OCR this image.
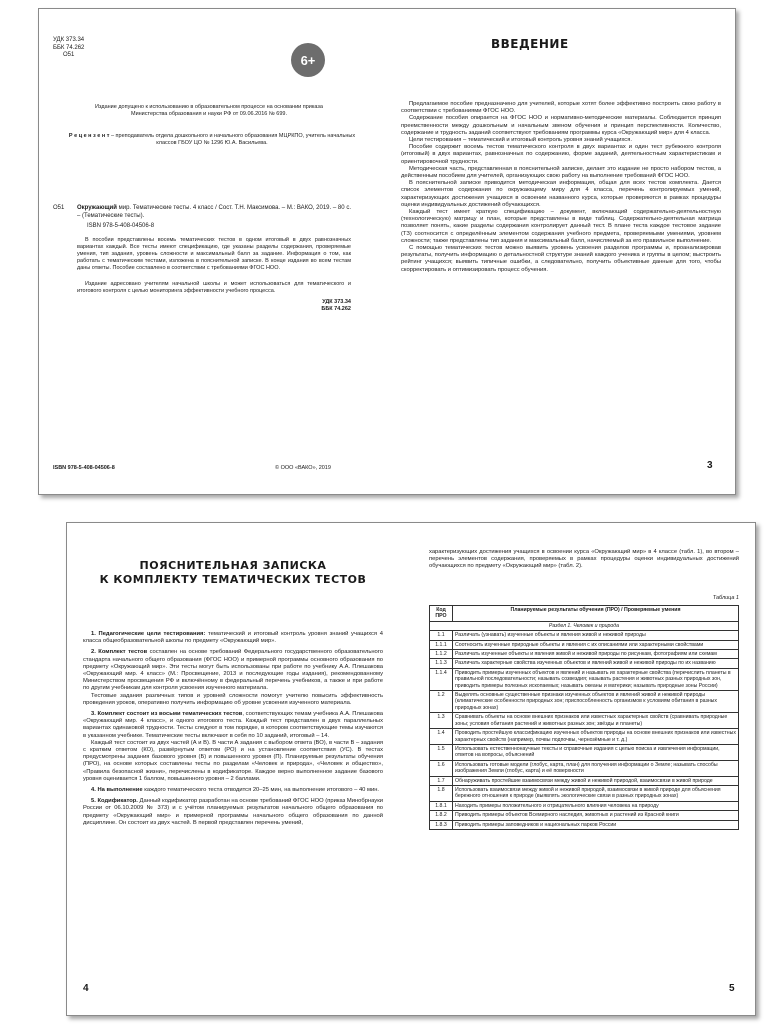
УДК 373.34
ББК 74.262
O51	6+
Издание допущено к использованию в образовательном процессе на основании приказа Министерства образования и науки РФ от 09.06.2016 № 699.
Р е ц е н з е н т – преподаватель отдела дошкольного и начального образования МЦРКПО, учитель начальных классов ГБОУ ЦО № 1296 Ю.А. Васильева.
O51	Окружающий мир. Тематические тесты. 4 класс / Сост. Т.Н. Максимова. – М.: ВАКО, 2019. – 80 с. – (Тематические тесты).
ISBN 978-5-408-04506-8
В пособии представлены восемь тематических тестов в одном итоговый в двух равнозначных вариантах каждый. Все тесты имеют спецификацию, где указаны разделы содержания, проверяемые умения, тип задания, уровень сложности и максимальный балл за задание. Информация о том, как работать с тематическим тестами, изложена в пояснительной записке. В конце издания во всем тестам даны ответы. Пособие составлено в соответствии с требованиями ФГОС НОО.
Издание адресовано учителям начальной школы и может использоваться для тематического и итогового контроля с целью мониторинга эффективности учебного процесса.
УДК 373.34
ББК 74.262
ISBN 978-5-408-04506-8	© ООО «ВАКО», 2019
ВВЕДЕНИЕ

Предлагаемое пособие предназначено для учителей, которые хотят более эффективно построить свою работу в соответствии с требованиями ФГОС НОО.

Содержание пособия опирается на ФГОС НОО и нормативно-методические материалы. Соблюдается принцип преемственности между дошкольным и начальным звеном обучения и принцип перспективности. Количество, содержание и трудность заданий соответствуют требованиям программы курса «Окружающий мир» для 4 класса.

Цели тестирования – тематический и итоговый контроль уровня знаний учащихся.

Пособие содержит восемь тестов тематического контроля в двух вариантах и один тест рубежного контроля (итоговый) в двух вариантах, равнозначных по содержанию, форме заданий, деятельностным характеристикам и ориентировочной трудности.

Методическая часть, представленная в пояснительной записке, делает это издание не просто набором тестов, а действенным пособием для учителей, организующих свою работу на выполнение требований ФГОС НОО.

В пояснительной записке приводится методическая информация, общая для всех тестов комплекта. Дается список элементов содержания по окружающему миру для 4 класса, перечень контролируемых умений, характеризующих достижения учащихся в освоении названного курса, которые проверяются в рамках процедуры оценки индивидуальных достижений обучающихся.

Каждый тест имеет краткую спецификацию – документ, включающий содержательно-деятельностную (технологическую) матрицу и план, которые представлены в виде таблиц. Содержательно-деятельная матрица позволяет понять, какие разделы содержания контролирует данный тест. В плане теста каждое тестовое задание (ТЗ) соотносится с определённым элементом содержания учебного предмета, проверяемыми умениями, уровнем сложности; также представлены тип задания и максимальный балл, начисляемый за его правильное выполнение.

С помощью тематических тестов можно выявить уровень усвоения разделов программы и, проанализировав результаты, получить информацию о детальностной структуре знаний каждого ученика и группы в целом; выстроить рейтинг учащихся; выявить типичные ошибки, а следовательно, получить объективные данные для того, чтобы скорректировать и оптимизировать процесс обучения.

3
ПОЯСНИТЕЛЬНАЯ ЗАПИСКА
К КОМПЛЕКТУ ТЕМАТИЧЕСКИХ ТЕСТОВ

1. Педагогические цели тестирования: тематический и итоговый контроль уровня знаний учащихся 4 класса общеобразовательной школы по предмету «Окружающий мир».

2. Комплект тестов составлен на основе требований Федерального государственного образовательного стандарта начального общего образования (ФГОС НОО) и примерной программы основного образования по предмету «Окружающий мир». Эти тесты могут быть использованы при работе по учебнику А.А. Плешакова «Окружающий мир. 4 класс» (М.: Просвещение, 2013 и последующие годы издания), рекомендованному Министерством просвещения РФ и включённому в федеральный перечень учебников, а также и при работе по другим учебникам для контроля усвоения изученного материала.

Тестовые задания различных типов и уровней сложности помогут учителю повысить эффективность проведения уроков, оперативно получить информацию об уровне усвоения изученного материала.

3. Комплект состоит из восьми тематических тестов, соответствующих темам учебника А.А. Плешакова «Окружающий мир. 4 класс», и одного итогового теста. Каждый тест представлен в двух параллельных вариантах одинаковой трудности. Тесты следуют в том порядке, в котором соответствующие темы изучаются в указанном учебнике. Тематические тесты включают в себя по 10 заданий, итоговый – 14.

Каждый тест состоит из двух частей (А и В). В части А задания с выбором ответа (ВО), в части В – задания с кратким ответом (КО), развёрнутым ответом (РО) и на установление соответствия (УС). В тестах предусмотрены задания базового уровня (Б) и повышенного уровня (П). Планируемые результаты обучения (ПРО), на основе которых составлены тесты по разделам «Человек и природа», «Человек и общество», «Правила безопасной жизни», перечислены в кодификаторе. Каждое верно выполненное задание базового уровня оценивается 1 баллом, повышенного уровня – 2 баллами.

4. На выполнение каждого тематического теста отводится 20–25 мин, на выполнение итогового – 40 мин.

5. Кодификатор. Данный кодификатор разработан на основе требований ФГОС НОО (приказ Минобрнауки России от 06.10.2009 № 373) и с учётом планируемых результатов начального общего образования по предмету «Окружающий мир» и примерной программы начального общего образования по данной дисциплине. Он состоит из двух частей. В первой представлен перечень умений,

4
характеризующих достижения учащихся в освоении курса «Окружающий мир» в 4 классе (табл. 1), во втором – перечень элементов содержания, проверяемых в рамках процедуры оценки индивидуальных достижений обучающихся по предмету «Окружающий мир» (табл. 2).
Таблица 1
Код ПРО	Планируемые результаты обучения (ПРО) / Проверяемые умения
Раздел 1. Человек и природа	
1.1	Различать (узнавать) изученные объекты и явления живой и неживой природы
1.1.1	Соотносить изученные природные объекты и явления с их описаниями или характерными свойствами
1.1.2	Различать изученные объекты и явления живой и неживой природы по рисункам, фотографиям или схемам
1.1.3	Различать характерные свойства изученных объектов и явлений живой и неживой природы по их названию
1.1.4	Приводить примеры изученных объектов и явлений и называть их характерные свойства (перечислить планеты в правильной последовательности; называть созвездия; называть растения и животных разных природных зон, приводить примеры полезных ископаемых; называть океаны и материки; называть природные зоны России)
1.2	Выделять основные существенные признаки изученных объектов и явлений живой и неживой природы (климатические особенности природных зон; приспособленность организмов к условиям обитания в разных природных зонах)
1.3	Сравнивать объекты на основе внешних признаков или известных характерных свойств (сравнивать природные зоны; условия обитания растений и животных разных зон; звёзды и планеты)
1.4	Проводить простейшую классификацию изученных объектов природы на основе внешних признаков или известных характерных свойств (например, почвы подпочвы, чернозёмные и т. д.)
1.5	Использовать естественнонаучные тексты и справочные издания с целью поиска и извлечения информации, ответов на вопросы, объяснений
1.6	Использовать готовые модели (глобус, карта, план) для получения информации о Земле; называть способы изображения Земли (глобус, карта) и её поверхности
1.7	Обнаруживать простейшие взаимосвязи между живой и неживой природой, взаимосвязи в живой природе
1.8	Использовать взаимосвязи между живой и неживой природой, взаимосвязи в живой природе для объяснения бережного отношения к природе (выявлять экологические связи в разных природных зонах)
1.8.1	Находить примеры положительного и отрицательного влияния человека на природу
1.8.2	Приводить примеры объектов Всемирного наследия, животных и растений из Красной книги
1.8.3	Приводить примеры заповедников и национальных парков России
5
